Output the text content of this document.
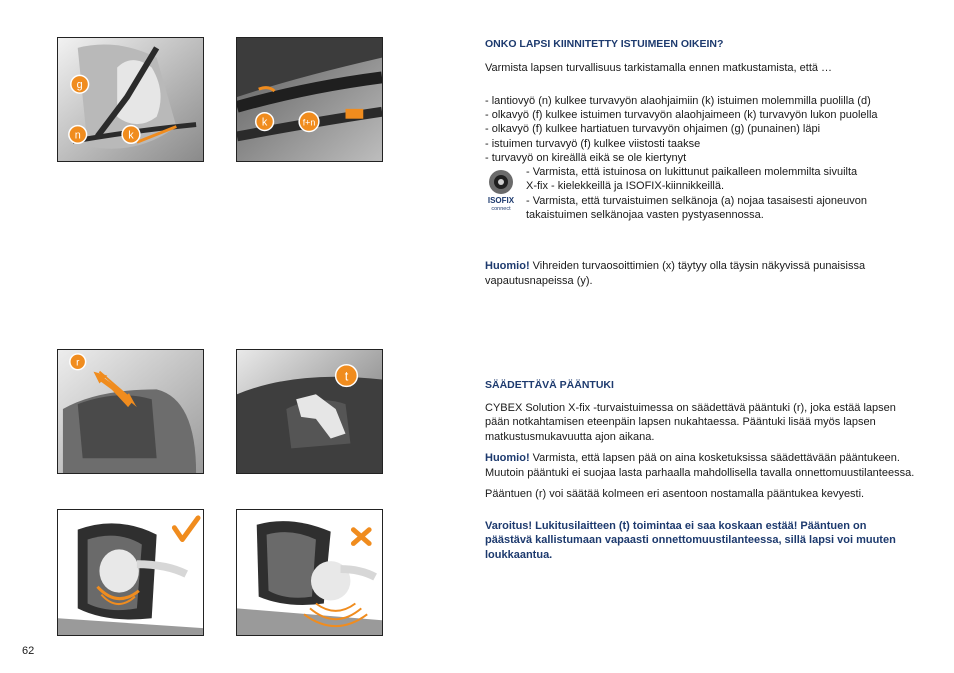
g
n	k
k	f+n
r
t

ONKO LAPSI KIINNITETTY ISTUIMEEN OIKEIN?

Varmista lapsen turvallisuus tarkistamalla ennen matkustamista, että …

- lantiovyö (n) kulkee turvavyön alaohjaimiin (k) istuimen molemmilla puolilla (d)
- olkavyö (f) kulkee istuimen turvavyön alaohjaimeen (k) turvavyön lukon puolella
- olkavyö (f) kulkee hartiatuen turvavyön ohjaimen (g) (punainen) läpi
- istuimen turvavyö (f) kulkee viistosti taakse
- turvavyö on kireällä eikä se ole kiertynyt
ISOFIX
connect
- Varmista, että istuinosa on lukittunut paikalleen molemmilta sivuilta
X-fix - kielekkeillä ja ISOFIX-kiinnikkeillä.
- Varmista, että turvaistuimen selkänoja (a) nojaa tasaisesti ajoneuvon
takaistuimen selkänojaa vasten pystyasennossa.

Huomio! Vihreiden turvaosoittimien (x) täytyy olla täysin näkyvissä punaisissa vapautusnapeissa (y).

SÄÄDETTÄVÄ PÄÄNTUKI

CYBEX Solution X-fix -turvaistuimessa on säädettävä pääntuki (r), joka estää lapsen pään notkahtamisen eteenpäin lapsen nukahtaessa. Pääntuki lisää myös lapsen matkustusmukavuutta ajon aikana.

Huomio! Varmista, että lapsen pää on aina kosketuksissa säädettävään pääntukeen. Muutoin pääntuki ei suojaa lasta parhaalla mahdollisella tavalla onnettomuustilanteessa.

Pääntuen (r) voi säätää kolmeen eri asentoon nostamalla pääntukea kevyesti.

Varoitus! Lukitusilaitteen (t) toimintaa ei saa koskaan estää! Pääntuen on päästävä kallistumaan vapaasti onnettomuustilanteessa, sillä lapsi voi muuten loukkaantua.

62
